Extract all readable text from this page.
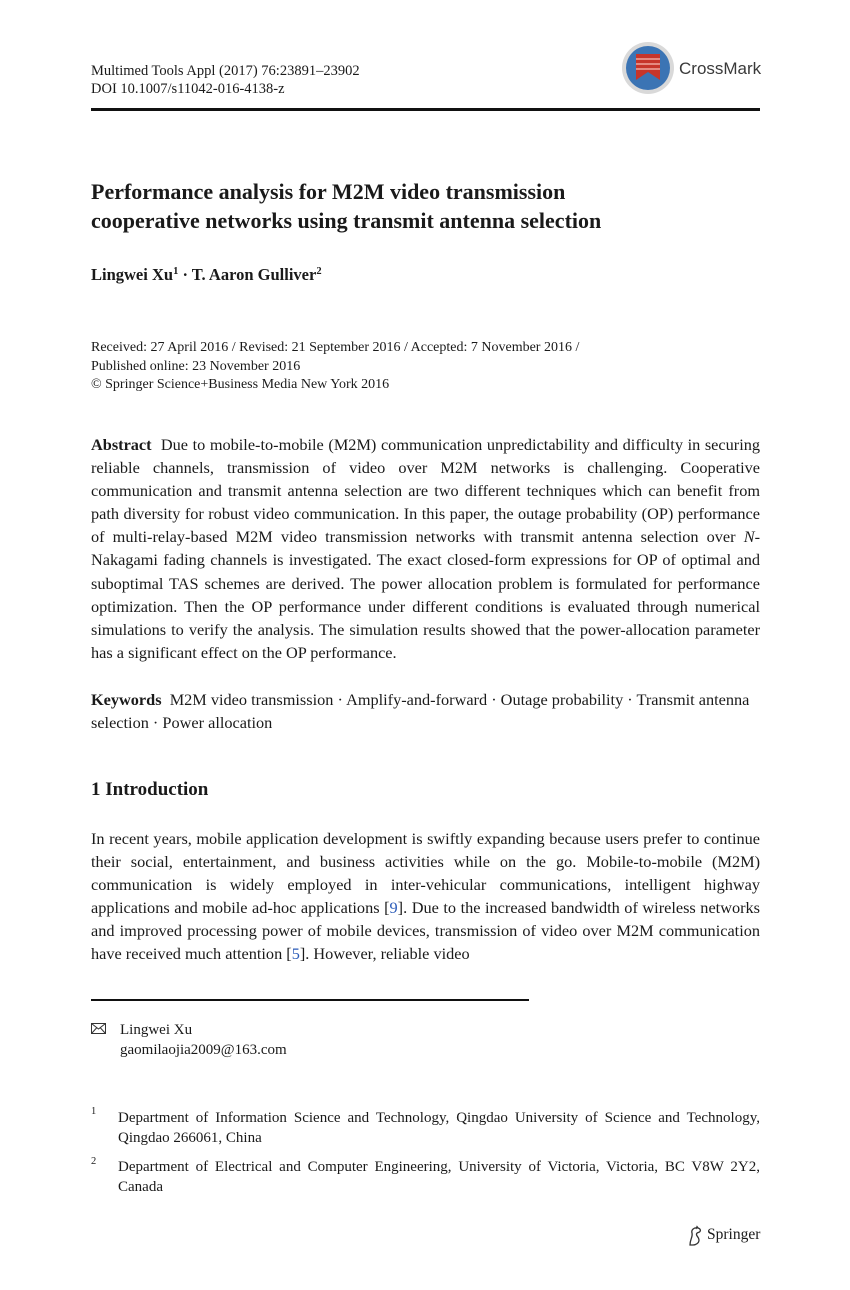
Multimed Tools Appl (2017) 76:23891–23902
DOI 10.1007/s11042-016-4138-z
CrossMark
Performance analysis for M2M video transmission
cooperative networks using transmit antenna selection
Lingwei $Xu^1 \cdot T$. Aaron Gulliver$^2$
Received: 27 April 2016 / Revised: 21 September 2016 / Accepted: 7 November 2016 /
Published online: 23 November 2016
© Springer Science+Business Media New York 2016
Abstract Due to mobile-to-mobile (M2M) communication unpredictability and difficulty in securing reliable channels, transmission of video over M2M networks is challenging. Cooperative communication and transmit antenna selection are two different techniques which can benefit from path diversity for robust video communication. In this paper, the outage probability (OP) performance of multi-relay-based M2M video transmission networks with transmit antenna selection over N-Nakagami fading channels is investigated. The exact closed-form expressions for OP of optimal and suboptimal TAS schemes are derived. The power allocation problem is formulated for performance optimization. Then the OP performance under different conditions is evaluated through numerical simulations to verify the analysis. The simulation results showed that the power-allocation parameter has a significant effect on the OP performance.
Keywords M2M video transmission · Amplify-and-forward · Outage probability · Transmit antenna selection · Power allocation
1 Introduction
In recent years, mobile application development is swiftly expanding because users prefer to continue their social, entertainment, and business activities while on the go. Mobile-to-mobile (M2M) communication is widely employed in inter-vehicular communications, intelligent highway applications and mobile ad-hoc applications [9]. Due to the increased bandwidth of wireless networks and improved processing power of mobile devices, transmission of video over M2M communication have received much attention [5]. However, reliable video
Lingwei Xu
gaomilaojia2009@163.com
1 Department of Information Science and Technology, Qingdao University of Science and Technology, Qingdao 266061, China
2 Department of Electrical and Computer Engineering, University of Victoria, Victoria, BC V8W 2Y2, Canada
Springer
